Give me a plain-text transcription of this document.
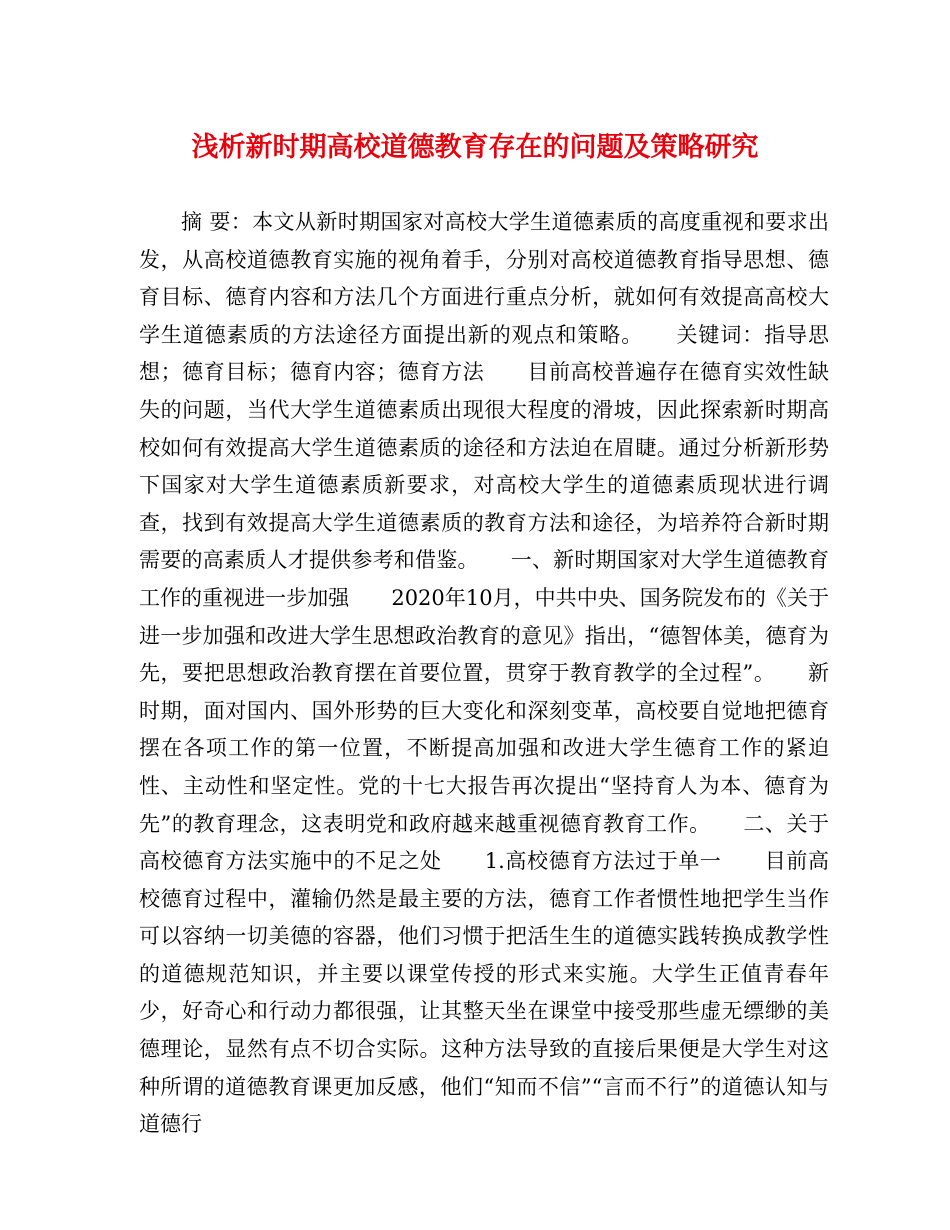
浅析新时期高校道德教育存在的问题及策略研究

摘 要：本文从新时期国家对高校大学生道德素质的高度重视和要求出发，从高校道德教育实施的视角着手，分别对高校道德教育指导思想、德育目标、德育内容和方法几个方面进行重点分析，就如何有效提高高校大学生道德素质的方法途径方面提出新的观点和策略。　　关键词：指导思想；德育目标；德育内容；德育方法　　目前高校普遍存在德育实效性缺失的问题，当代大学生道德素质出现很大程度的滑坡，因此探索新时期高校如何有效提高大学生道德素质的途径和方法迫在眉睫。通过分析新形势下国家对大学生道德素质新要求，对高校大学生的道德素质现状进行调查，找到有效提高大学生道德素质的教育方法和途径，为培养符合新时期需要的高素质人才提供参考和借鉴。　　一、新时期国家对大学生道德教育工作的重视进一步加强　　2020年10月，中共中央、国务院发布的《关于进一步加强和改进大学生思想政治教育的意见》指出，“德智体美，德育为先，要把思想政治教育摆在首要位置，贯穿于教育教学的全过程”。　　新时期，面对国内、国外形势的巨大变化和深刻变革，高校要自觉地把德育摆在各项工作的第一位置，不断提高加强和改进大学生德育工作的紧迫性、主动性和坚定性。党的十七大报告再次提出“坚持育人为本、德育为先”的教育理念，这表明党和政府越来越重视德育教育工作。　　二、关于高校德育方法实施中的不足之处　　1.高校德育方法过于单一　　目前高校德育过程中，灌输仍然是最主要的方法，德育工作者惯性地把学生当作可以容纳一切美德的容器，他们习惯于把活生生的道德实践转换成教学性的道德规范知识，并主要以课堂传授的形式来实施。大学生正值青春年少，好奇心和行动力都很强，让其整天坐在课堂中接受那些虚无缥缈的美德理论，显然有点不切合实际。这种方法导致的直接后果便是大学生对这种所谓的道德教育课更加反感，他们“知而不信”“言而不行”的道德认知与道德行
